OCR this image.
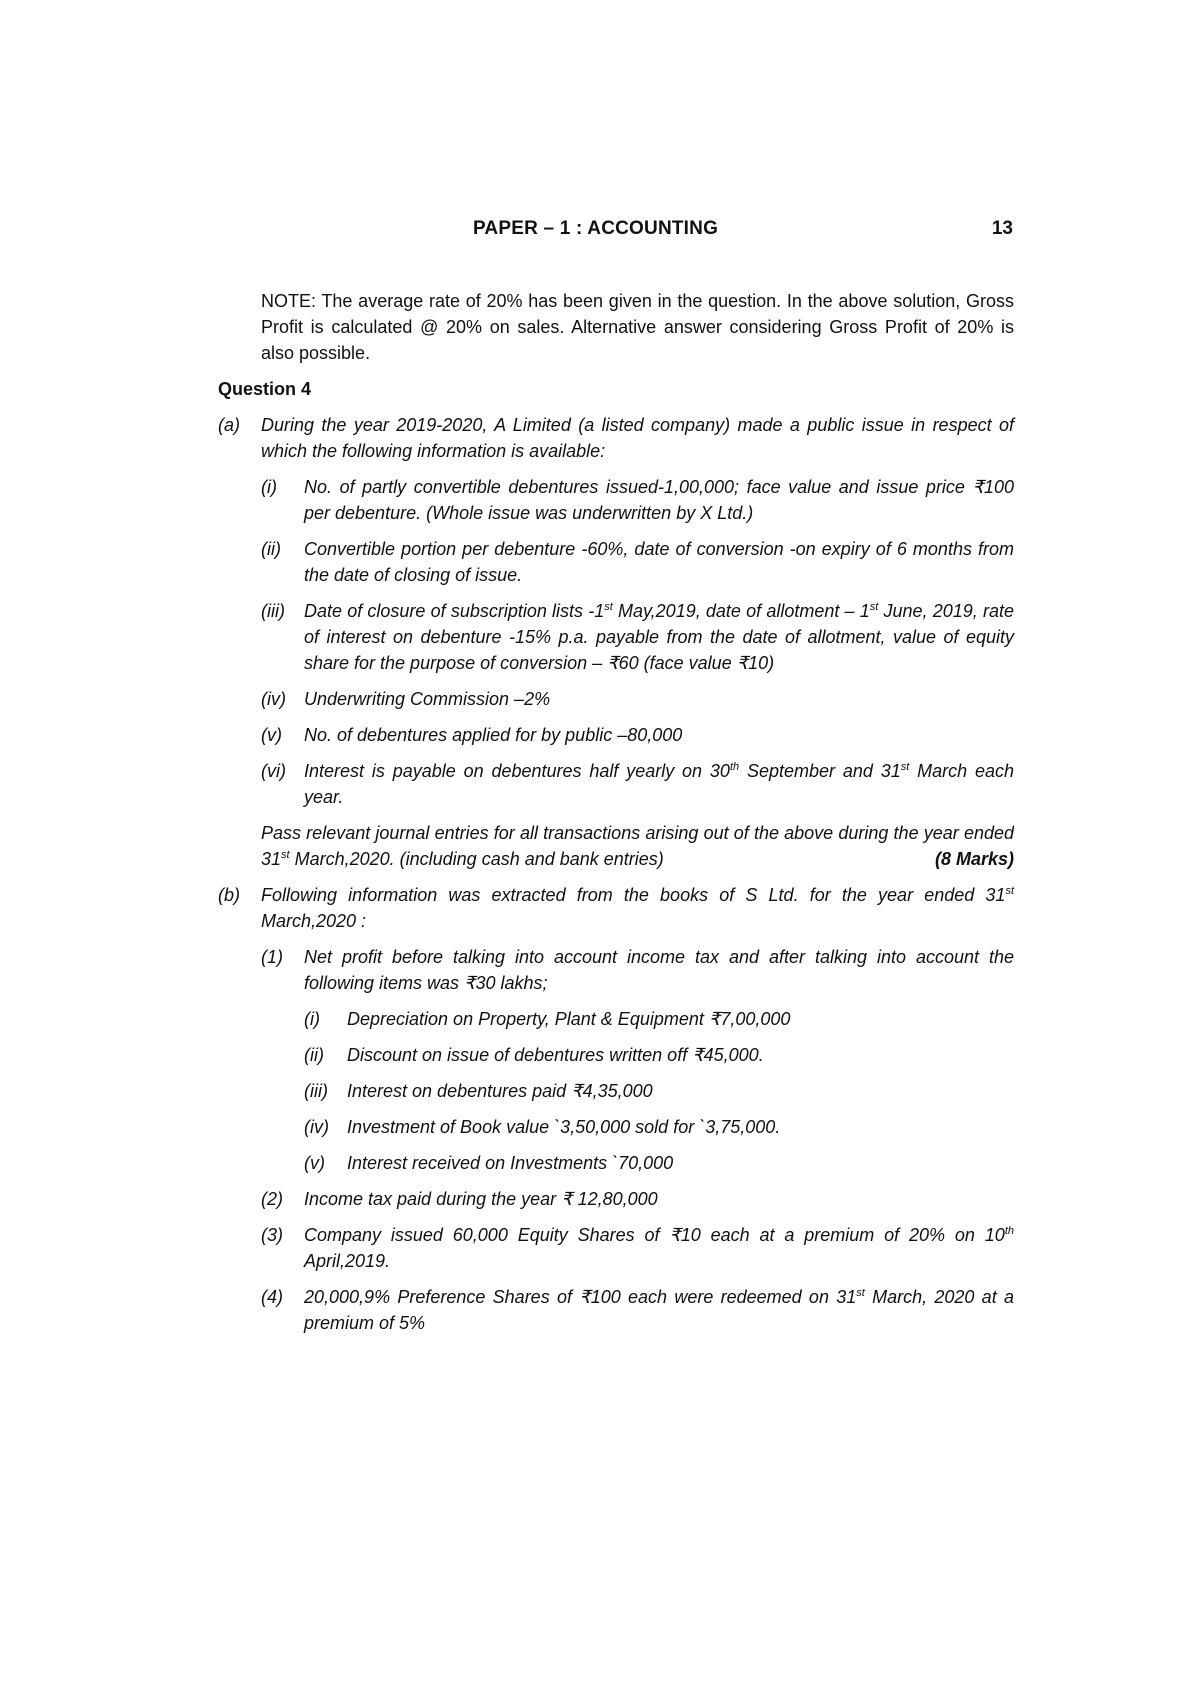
PAPER – 1 : ACCOUNTING	13
NOTE: The average rate of 20% has been given in the question. In the above solution, Gross Profit is calculated @ 20% on sales. Alternative answer considering Gross Profit of 20% is also possible.
Question 4
(a)	During the year 2019-2020, A Limited (a listed company) made a public issue in respect of which the following information is available:
(i)	No. of partly convertible debentures issued-1,00,000; face value and issue price ₹100 per debenture. (Whole issue was underwritten by X Ltd.)
(ii)	Convertible portion per debenture -60%, date of conversion -on expiry of 6 months from the date of closing of issue.
(iii)	Date of closure of subscription lists -1st May,2019, date of allotment – 1st June, 2019, rate of interest on debenture -15% p.a. payable from the date of allotment, value of equity share for the purpose of conversion – ₹60 (face value ₹10)
(iv)	Underwriting Commission –2%
(v)	No. of debentures applied for by public –80,000
(vi)	Interest is payable on debentures half yearly on 30th September and 31st March each year.
Pass relevant journal entries for all transactions arising out of the above during the year ended 31st March,2020. (including cash and bank entries)	(8 Marks)
(b)	Following information was extracted from the books of S Ltd. for the year ended 31st March,2020 :
(1)	Net profit before talking into account income tax and after talking into account the following items was ₹30 lakhs;
(i)	Depreciation on Property, Plant & Equipment ₹7,00,000
(ii)	Discount on issue of debentures written off ₹45,000.
(iii)	Interest on debentures paid ₹4,35,000
(iv)	Investment of Book value `3,50,000 sold for `3,75,000.
(v)	Interest received on Investments `70,000
(2)	Income tax paid during the year ₹ 12,80,000
(3)	Company issued 60,000 Equity Shares of ₹10 each at a premium of 20% on 10th April,2019.
(4)	20,000,9% Preference Shares of ₹100 each were redeemed on 31st March, 2020 at a premium of 5%
